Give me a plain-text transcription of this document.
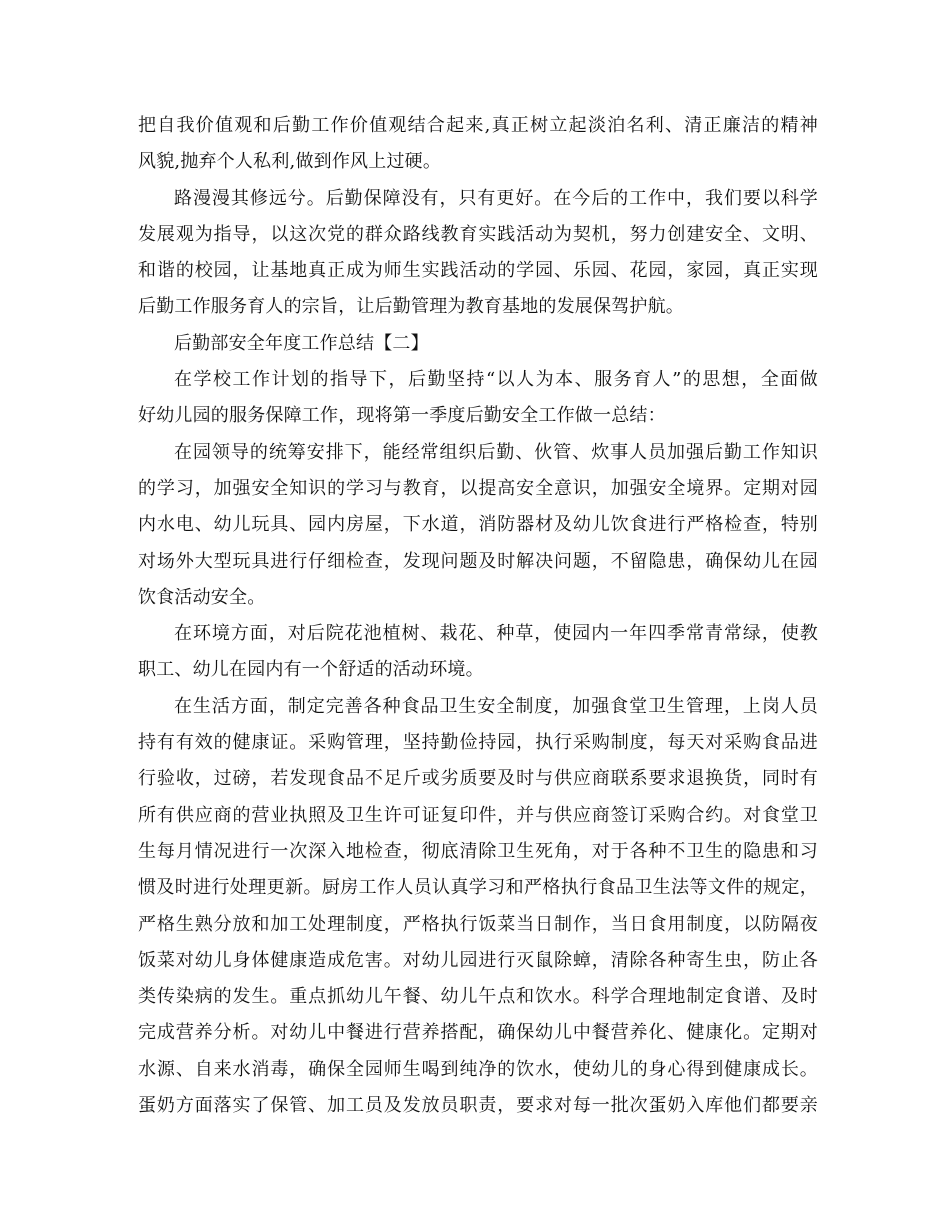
把自我价值观和后勤工作价值观结合起来,真正树立起淡泊名利、清正廉洁的精神
风貌,抛弃个人私利,做到作风上过硬。
路漫漫其修远兮。后勤保障没有，只有更好。在今后的工作中，我们要以科学
发展观为指导，以这次党的群众路线教育实践活动为契机，努力创建安全、文明、
和谐的校园，让基地真正成为师生实践活动的学园、乐园、花园，家园，真正实现
后勤工作服务育人的宗旨，让后勤管理为教育基地的发展保驾护航。
后勤部安全年度工作总结【二】
在学校工作计划的指导下，后勤坚持“以人为本、服务育人”的思想，全面做
好幼儿园的服务保障工作，现将第一季度后勤安全工作做一总结：
在园领导的统筹安排下，能经常组织后勤、伙管、炊事人员加强后勤工作知识
的学习，加强安全知识的学习与教育，以提高安全意识，加强安全境界。定期对园
内水电、幼儿玩具、园内房屋，下水道，消防器材及幼儿饮食进行严格检查，特别
对场外大型玩具进行仔细检查，发现问题及时解决问题，不留隐患，确保幼儿在园
饮食活动安全。
在环境方面，对后院花池植树、栽花、种草，使园内一年四季常青常绿，使教
职工、幼儿在园内有一个舒适的活动环境。
在生活方面，制定完善各种食品卫生安全制度，加强食堂卫生管理，上岗人员
持有有效的健康证。采购管理，坚持勤俭持园，执行采购制度，每天对采购食品进
行验收，过磅，若发现食品不足斤或劣质要及时与供应商联系要求退换货，同时有
所有供应商的营业执照及卫生许可证复印件，并与供应商签订采购合约。对食堂卫
生每月情况进行一次深入地检查，彻底清除卫生死角，对于各种不卫生的隐患和习
惯及时进行处理更新。厨房工作人员认真学习和严格执行食品卫生法等文件的规定，
严格生熟分放和加工处理制度，严格执行饭菜当日制作，当日食用制度，以防隔夜
饭菜对幼儿身体健康造成危害。对幼儿园进行灭鼠除蟑，清除各种寄生虫，防止各
类传染病的发生。重点抓幼儿午餐、幼儿午点和饮水。科学合理地制定食谱、及时
完成营养分析。对幼儿中餐进行营养搭配，确保幼儿中餐营养化、健康化。定期对
水源、自来水消毒，确保全园师生喝到纯净的饮水，使幼儿的身心得到健康成长。
蛋奶方面落实了保管、加工员及发放员职责，要求对每一批次蛋奶入库他们都要亲
